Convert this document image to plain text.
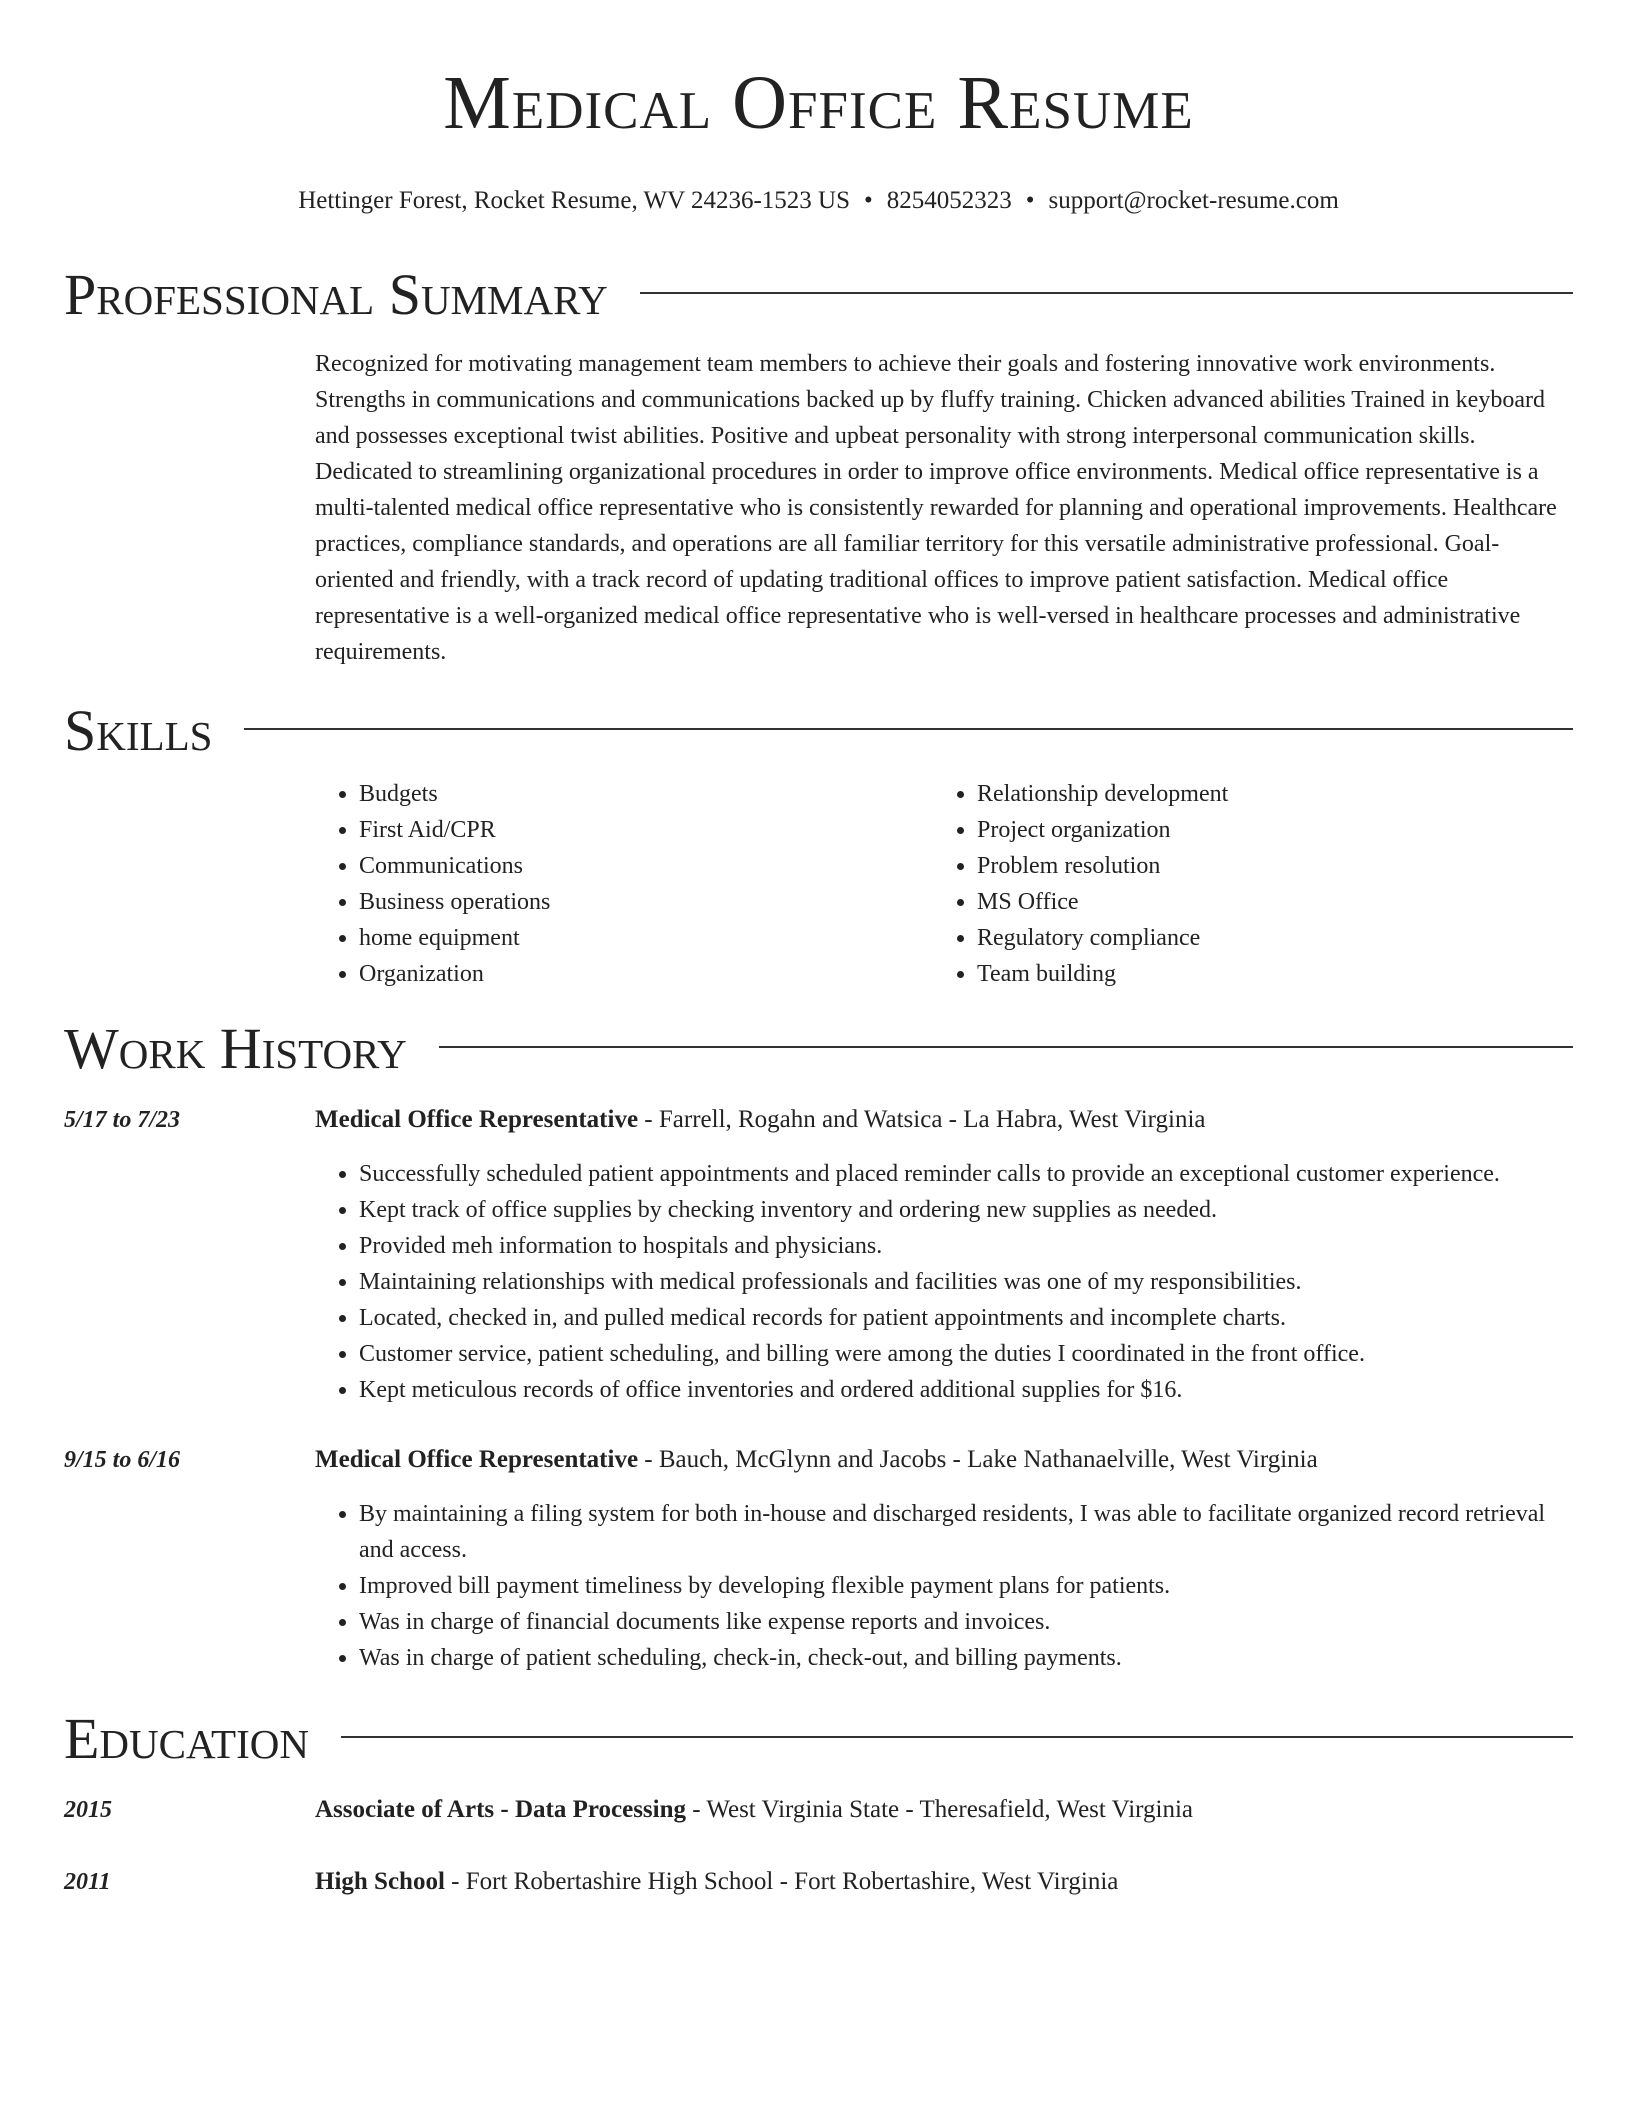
Medical Office Resume
Hettinger Forest, Rocket Resume, WV 24236-1523 US • 8254052323 • support@rocket-resume.com
Professional Summary
Recognized for motivating management team members to achieve their goals and fostering innovative work environments. Strengths in communications and communications backed up by fluffy training. Chicken advanced abilities Trained in keyboard and possesses exceptional twist abilities. Positive and upbeat personality with strong interpersonal communication skills. Dedicated to streamlining organizational procedures in order to improve office environments. Medical office representative is a multi-talented medical office representative who is consistently rewarded for planning and operational improvements. Healthcare practices, compliance standards, and operations are all familiar territory for this versatile administrative professional. Goal-oriented and friendly, with a track record of updating traditional offices to improve patient satisfaction. Medical office representative is a well-organized medical office representative who is well-versed in healthcare processes and administrative requirements.
Skills
• Budgets
• First Aid/CPR
• Communications
• Business operations
• home equipment
• Organization
• Relationship development
• Project organization
• Problem resolution
• MS Office
• Regulatory compliance
• Team building
Work History
5/17 to 7/23	Medical Office Representative - Farrell, Rogahn and Watsica - La Habra, West Virginia
• Successfully scheduled patient appointments and placed reminder calls to provide an exceptional customer experience.
• Kept track of office supplies by checking inventory and ordering new supplies as needed.
• Provided meh information to hospitals and physicians.
• Maintaining relationships with medical professionals and facilities was one of my responsibilities.
• Located, checked in, and pulled medical records for patient appointments and incomplete charts.
• Customer service, patient scheduling, and billing were among the duties I coordinated in the front office.
• Kept meticulous records of office inventories and ordered additional supplies for $16.
9/15 to 6/16	Medical Office Representative - Bauch, McGlynn and Jacobs - Lake Nathanaelville, West Virginia
• By maintaining a filing system for both in-house and discharged residents, I was able to facilitate organized record retrieval and access.
• Improved bill payment timeliness by developing flexible payment plans for patients.
• Was in charge of financial documents like expense reports and invoices.
• Was in charge of patient scheduling, check-in, check-out, and billing payments.
Education
2015	Associate of Arts - Data Processing - West Virginia State - Theresafield, West Virginia
2011	High School - Fort Robertashire High School - Fort Robertashire, West Virginia
